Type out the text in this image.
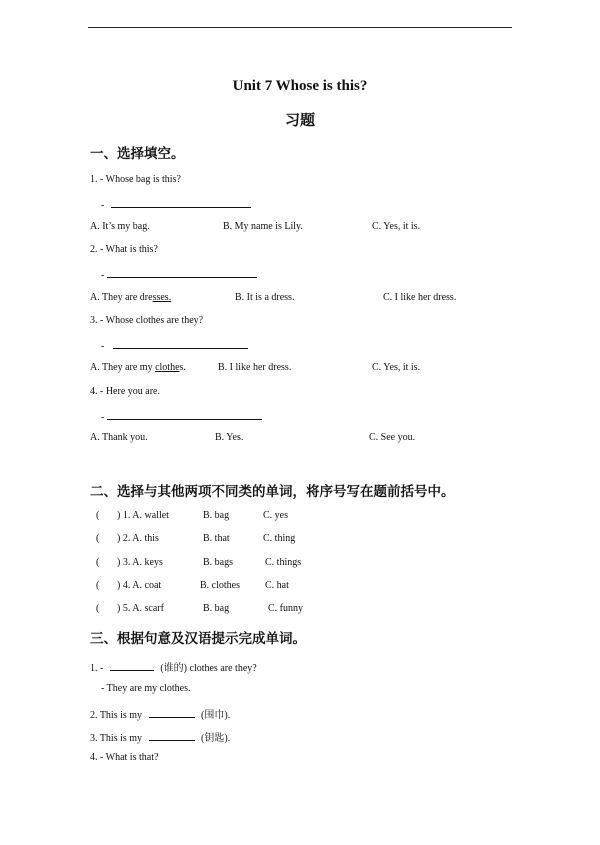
Unit 7 Whose is this?
习题
一、选择填空。
1. - Whose bag is this?
-
A. It’s my bag.	B. My name is Lily.	C. Yes, it is.
2. - What is this?
-
A. They are dresses.	B. It is a dress.	C. I like her dress.
3. - Whose clothes are they?
-
A. They are my clothes.	B. I like her dress.	C. Yes, it is.
4. - Here you are.
-
A. Thank you.	B. Yes.	C. See you.
二、选择与其他两项不同类的单词，将序号写在题前括号中。
( ) 1. A. wallet	B. bag	C. yes
( ) 2. A. this	B. that	C. thing
( ) 3. A. keys	B. bags	C. things
( ) 4. A. coat	B. clothes	C. hat
( ) 5. A. scarf	B. bag	C. funny
三、根据句意及汉语提示完成单词。
1. -	(谁的) clothes are they?
- They are my clothes.
2. This is my	(围巾).
3. This is my	(钥匙).
4. - What is that?
